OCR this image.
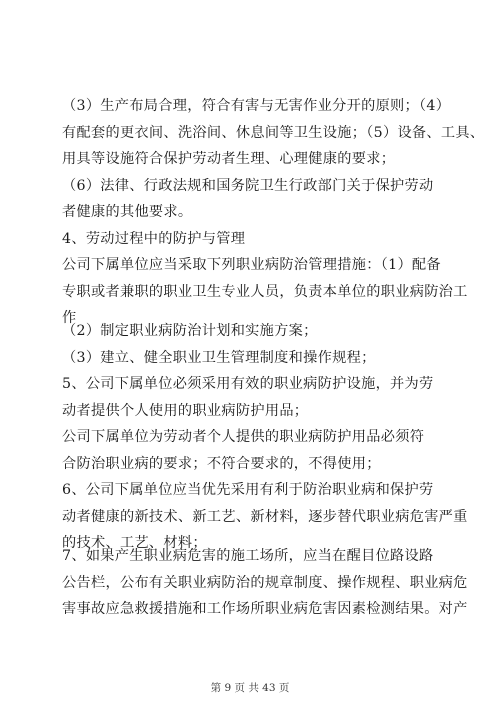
（3）生产布局合理，符合有害与无害作业分开的原则；（4）
有配套的更衣间、洗浴间、休息间等卫生设施；（5）设备、工具、
用具等设施符合保护劳动者生理、心理健康的要求；
（6）法律、行政法规和国务院卫生行政部门关于保护劳动
者健康的其他要求。
4、劳动过程中的防护与管理
公司下属单位应当采取下列职业病防治管理措施：（1）配备
专职或者兼职的职业卫生专业人员，负责本单位的职业病防治工
作
（2）制定职业病防治计划和实施方案；
（3）建立、健全职业卫生管理制度和操作规程；
5、公司下属单位必须采用有效的职业病防护设施，并为劳
动者提供个人使用的职业病防护用品；
公司下属单位为劳动者个人提供的职业病防护用品必须符
合防治职业病的要求；不符合要求的，不得使用；
6、公司下属单位应当优先采用有利于防治职业病和保护劳
动者健康的新技术、新工艺、新材料，逐步替代职业病危害严重
的技术、工艺、材料；
7、如果产生职业病危害的施工场所，应当在醒目位路设路
公告栏，公布有关职业病防治的规章制度、操作规程、职业病危
害事故应急救援措施和工作场所职业病危害因素检测结果。对产
第 9 页 共 43 页
